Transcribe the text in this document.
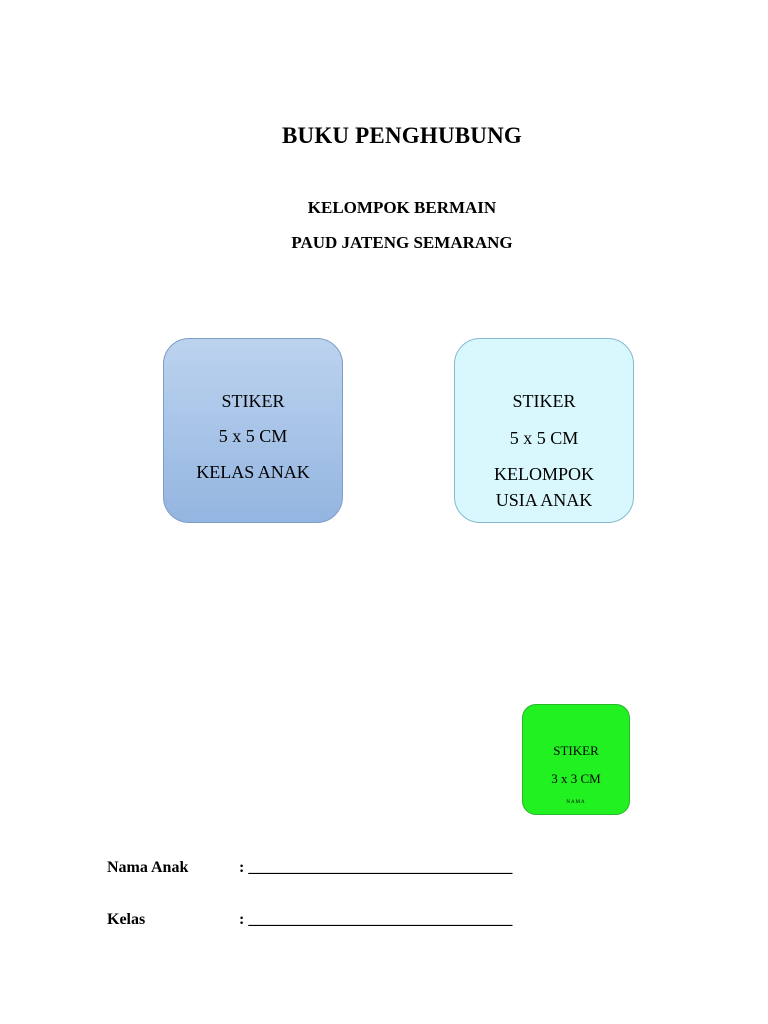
BUKU PENGHUBUNG
KELOMPOK BERMAIN
PAUD JATENG SEMARANG
STIKER
5 x 5 CM
KELAS ANAK
STIKER
5 x 5 CM
KELOMPOK
USIA ANAK
STIKER
3 x 3 CM
NAMA
Nama Anak	: _________________________________
Kelas	: _________________________________
